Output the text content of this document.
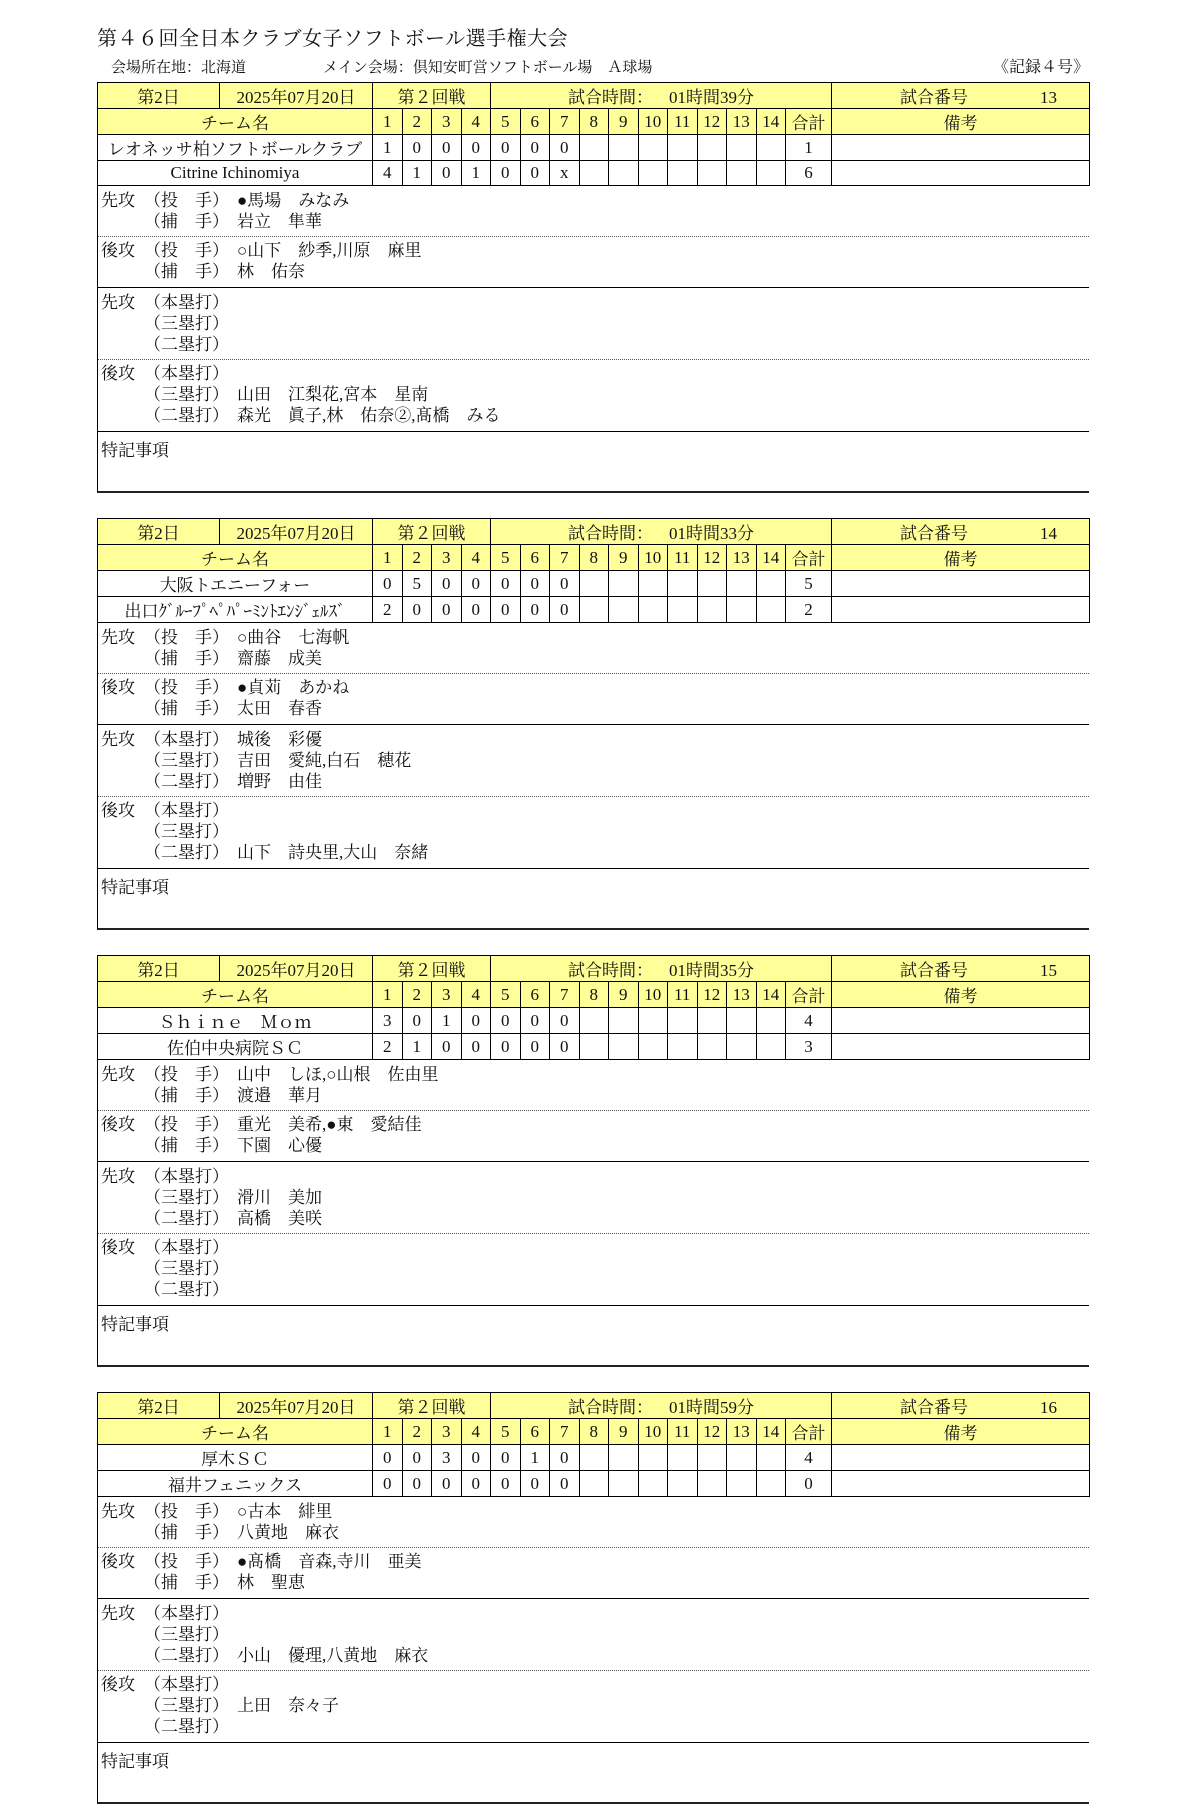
第４６回全日本クラブ女子ソフトボール選手権大会
会場所在地：北海道	メイン会場：倶知安町営ソフトボール場　Ａ球場	《記録４号》
第2日	2025年07月20日	第２回戦				試合時間： 01時間39分											試合番号 13
チーム名		1	2	3	4	5	6	7	8	9	10	11	12	13	14	合計	備考
レオネッサ柏ソフトボールクラブ		1	0	0	0	0	0	0								1	
Citrine Ichinomiya		4	1	0	1	0	0	x								6	
先攻 （投　手） ●馬場　みなみ
（捕　手） 岩立　隼華
後攻 （投　手） ○山下　紗季,川原　麻里
（捕　手） 林　佑奈
先攻 （本塁打）
（三塁打）
（二塁打）
後攻 （本塁打）
（三塁打） 山田　江梨花,宮本　星南
（二塁打） 森光　眞子,林　佑奈②,髙橋　みる
特記事項
第2日	2025年07月20日	第２回戦				試合時間： 01時間33分											試合番号 14
チーム名		1	2	3	4	5	6	7	8	9	10	11	12	13	14	合計	備考
大阪トエニーフォー		0	5	0	0	0	0	0								5	
出口ｸﾞﾙｰﾌﾟﾍﾟﾊﾟｰﾐﾝﾄｴﾝｼﾞｪﾙｽﾞ		2	0	0	0	0	0	0								2	
先攻 （投　手） ○曲谷　七海帆
（捕　手） 齋藤　成美
後攻 （投　手） ●貞苅　あかね
（捕　手） 太田　春香
先攻 （本塁打） 城後　彩優
（三塁打） 吉田　愛純,白石　穂花
（二塁打） 増野　由佳
後攻 （本塁打）
（三塁打）
（二塁打） 山下　詩央里,大山　奈緒
特記事項
第2日	2025年07月20日	第２回戦				試合時間： 01時間35分											試合番号 15
チーム名		1	2	3	4	5	6	7	8	9	10	11	12	13	14	合計	備考
Ｓｈｉｎｅ　Ｍｏｍ		3	0	1	0	0	0	0								4	
佐伯中央病院ＳＣ		2	1	0	0	0	0	0								3	
先攻 （投　手） 山中　しほ,○山根　佐由里
（捕　手） 渡邉　華月
後攻 （投　手） 重光　美希,●東　愛結佳
（捕　手） 下園　心優
先攻 （本塁打）
（三塁打） 滑川　美加
（二塁打） 高橋　美咲
後攻 （本塁打）
（三塁打）
（二塁打）
特記事項
第2日	2025年07月20日	第２回戦				試合時間： 01時間59分											試合番号 16
チーム名		1	2	3	4	5	6	7	8	9	10	11	12	13	14	合計	備考
厚木ＳＣ		0	0	3	0	0	1	0								4	
福井フェニックス		0	0	0	0	0	0	0								0	
先攻 （投　手） ○古本　緋里
（捕　手） 八黄地　麻衣
後攻 （投　手） ●髙橋　音森,寺川　亜美
（捕　手） 林　聖恵
先攻 （本塁打）
（三塁打）
（二塁打） 小山　優理,八黄地　麻衣
後攻 （本塁打）
（三塁打） 上田　奈々子
（二塁打）
特記事項
